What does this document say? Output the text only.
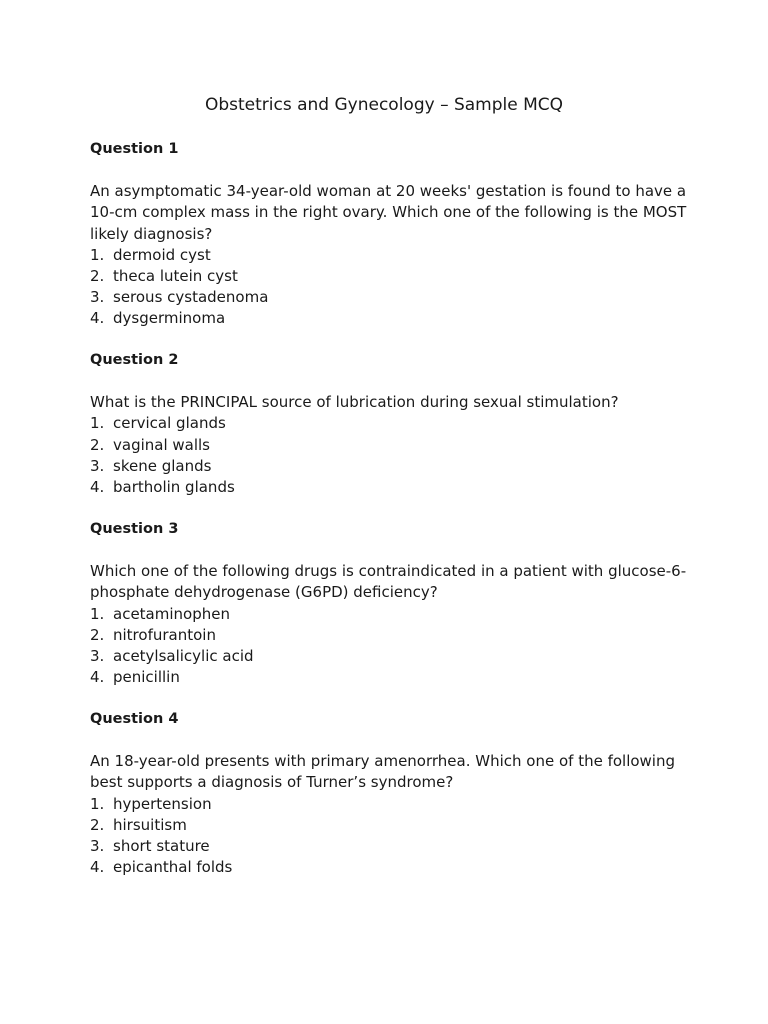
Obstetrics and Gynecology – Sample MCQ

Question 1

An asymptomatic 34-year-old woman at 20 weeks' gestation is found to have a 10-cm complex mass in the right ovary. Which one of the following is the MOST likely diagnosis?

1. dermoid cyst
2. theca lutein cyst
3. serous cystadenoma
4. dysgerminoma

Question 2

What is the PRINCIPAL source of lubrication during sexual stimulation?

1. cervical glands
2. vaginal walls
3. skene glands
4. bartholin glands

Question 3

Which one of the following drugs is contraindicated in a patient with glucose-6-phosphate dehydrogenase (G6PD) deficiency?

1. acetaminophen
2. nitrofurantoin
3. acetylsalicylic acid
4. penicillin

Question 4

An 18-year-old presents with primary amenorrhea. Which one of the following best supports a diagnosis of Turner’s syndrome?

1. hypertension
2. hirsuitism
3. short stature
4. epicanthal folds
